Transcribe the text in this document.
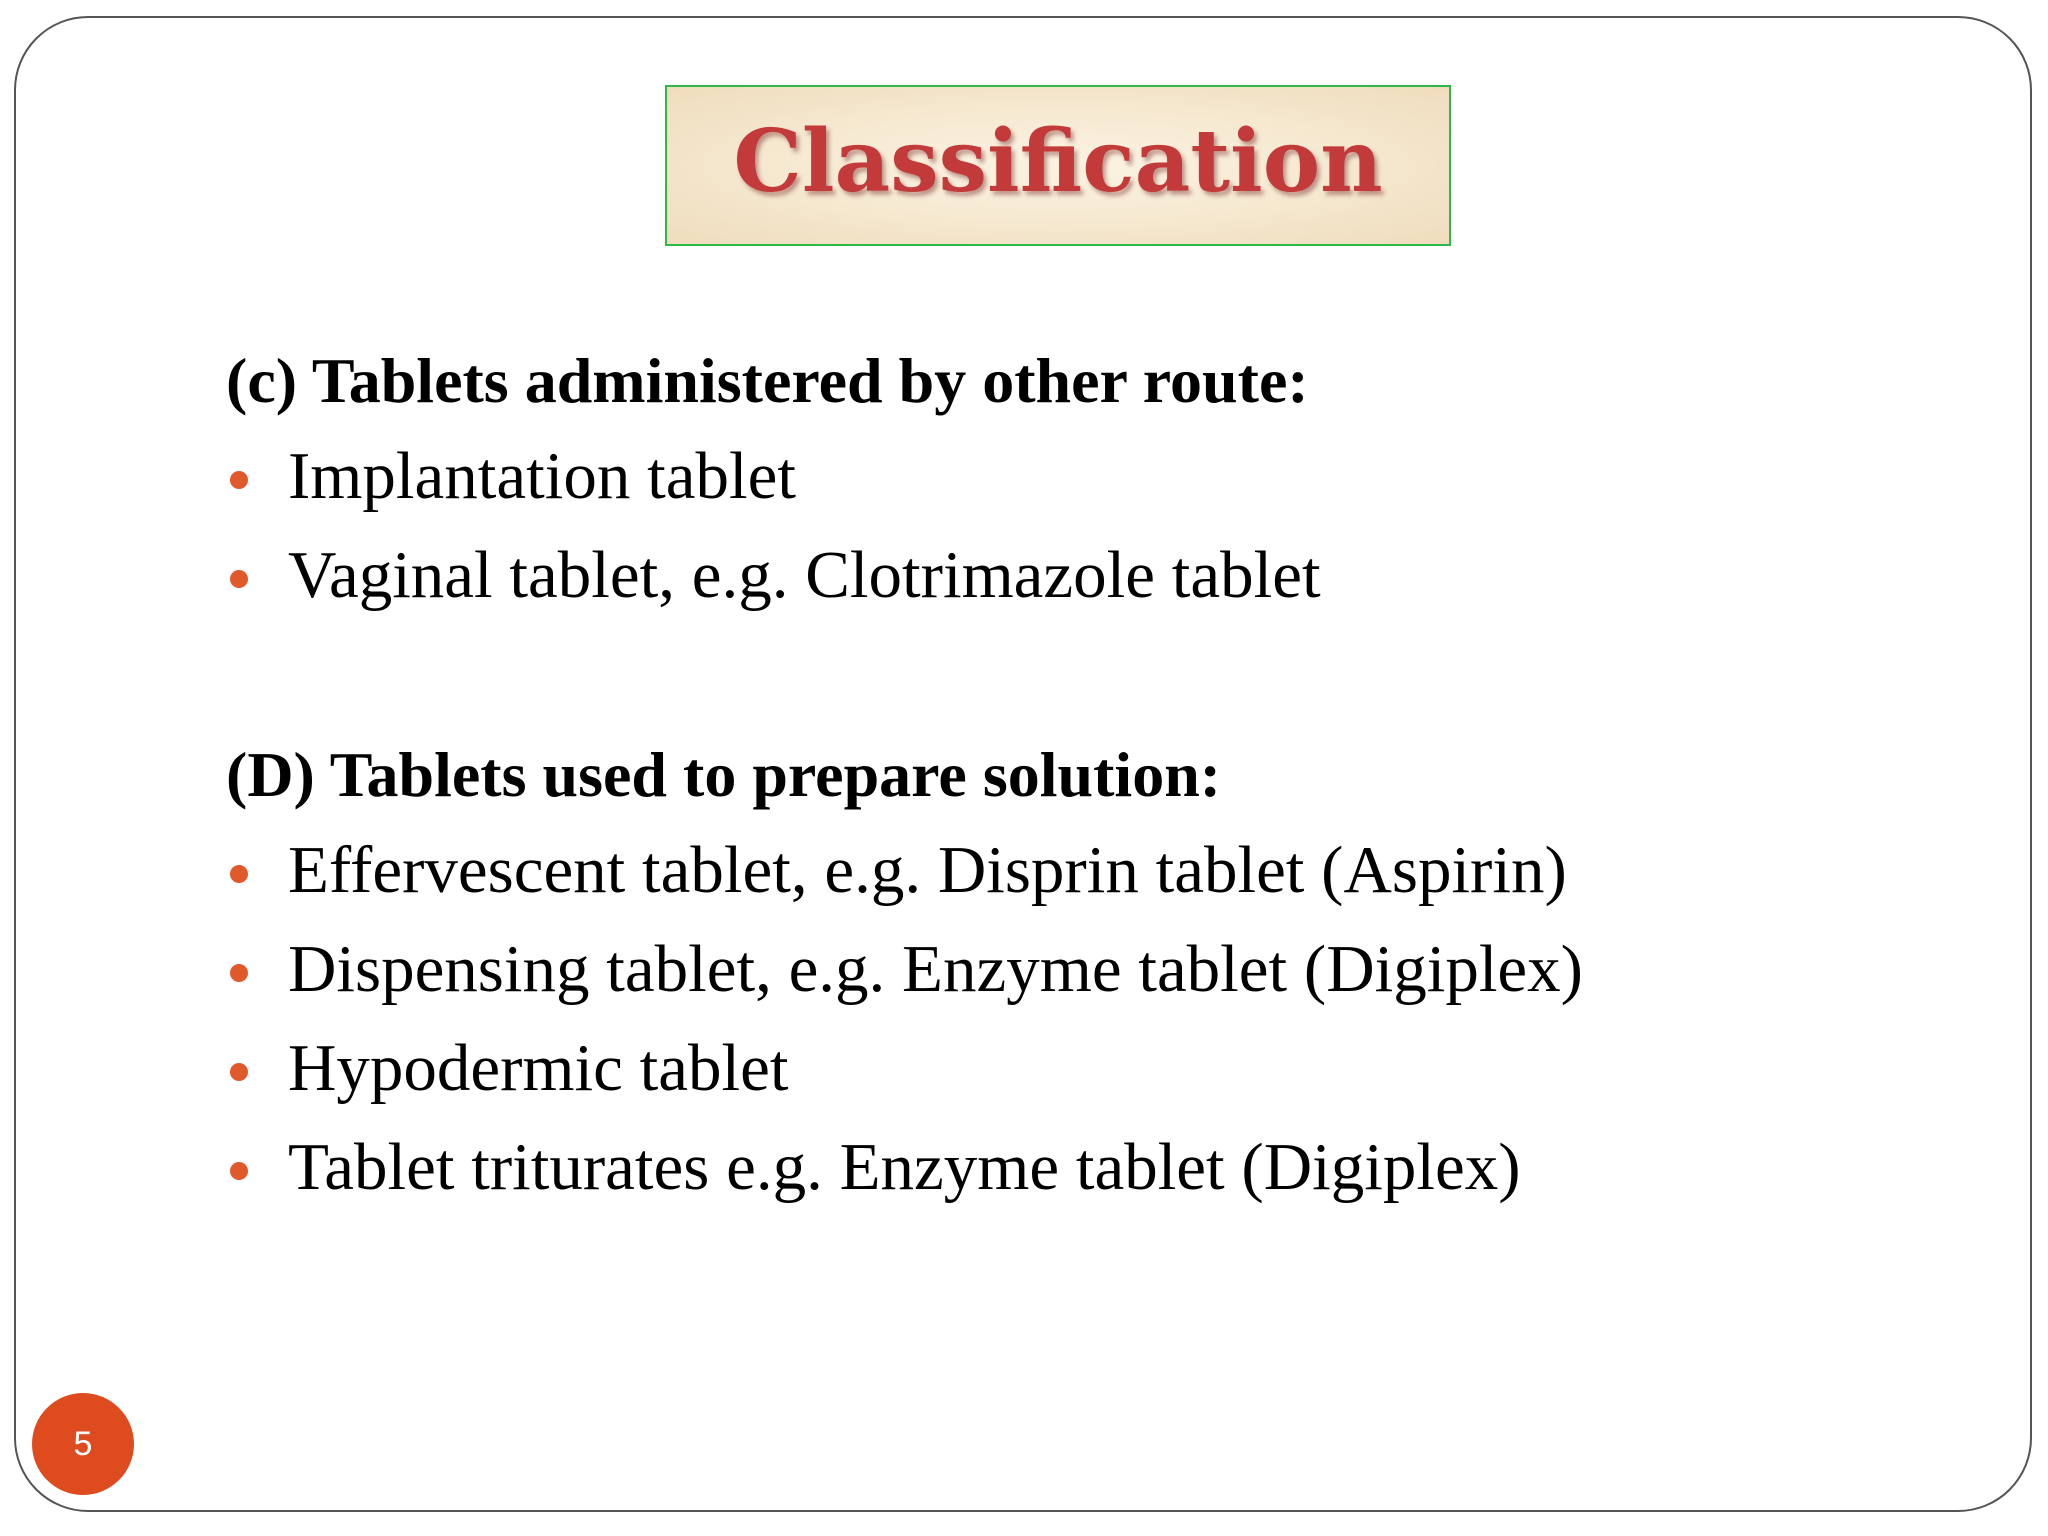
Classification
(c) Tablets administered by other route:
Implantation tablet
Vaginal tablet, e.g. Clotrimazole tablet
(D) Tablets used to prepare solution:
Effervescent tablet, e.g. Disprin tablet (Aspirin)
Dispensing tablet, e.g. Enzyme tablet (Digiplex)
Hypodermic tablet
Tablet triturates e.g. Enzyme tablet (Digiplex)
5
